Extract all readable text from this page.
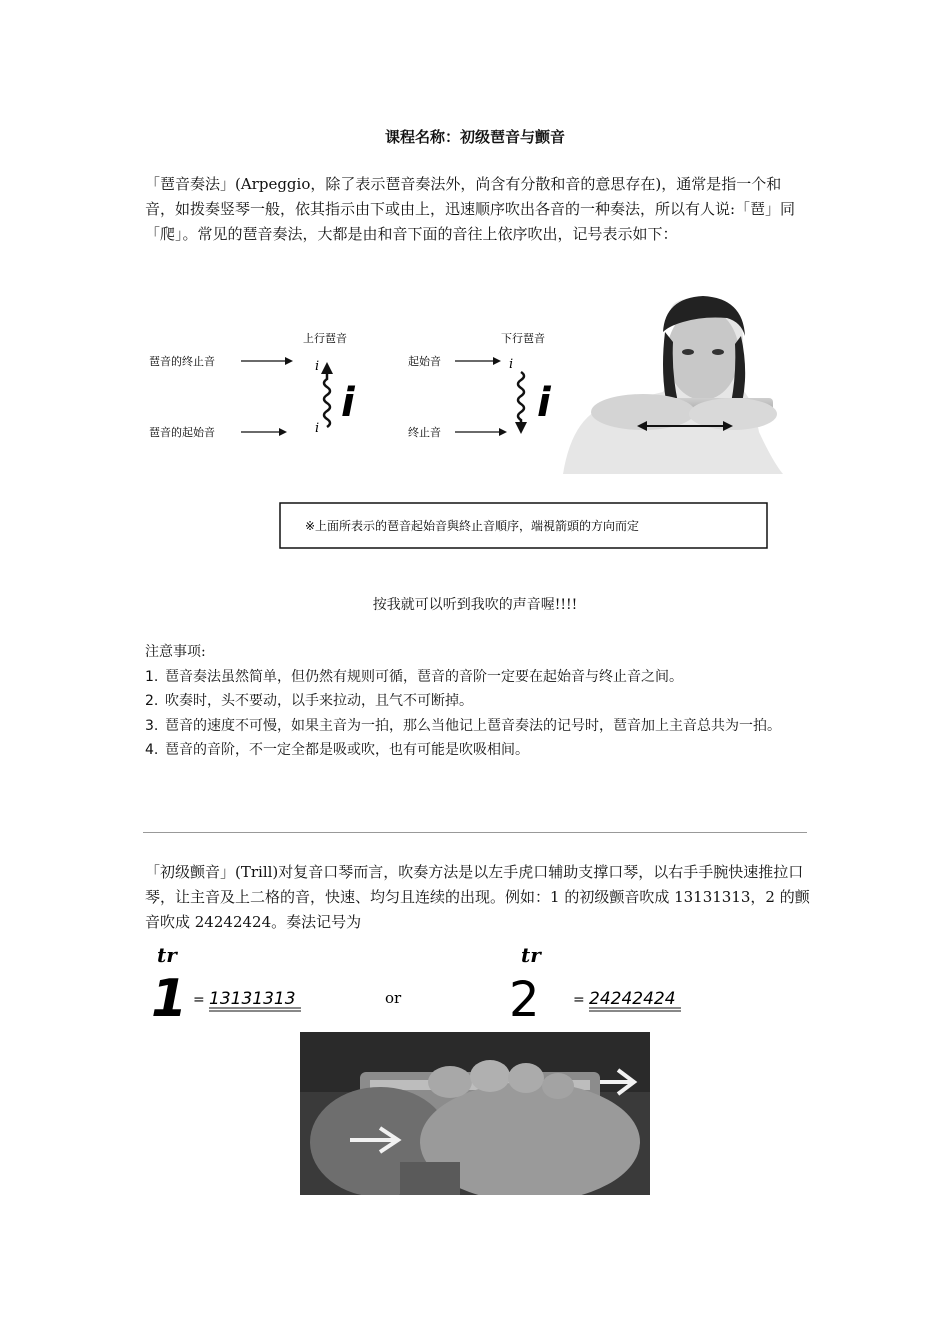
课程名称：初级琶音与颤音
「琶音奏法」(Arpeggio，除了表示琶音奏法外，尚含有分散和音的意思存在)，通常是指一个和音，如拨奏竖琴一般，依其指示由下或由上，迅速顺序吹出各音的一种奏法，所以有人说:「琶」同「爬」。常见的琶音奏法，大都是由和音下面的音往上依序吹出，记号表示如下：
上行琶音
琶音的终止音
琶音的起始音
i
i
i
下行琶音
起始音
终止音
i
i
※上面所表示的琶音起始音與終止音順序，端視箭頭的方向而定
按我就可以听到我吹的声音喔!!!!
注意事项:
1. 琶音奏法虽然简单，但仍然有规则可循，琶音的音阶一定要在起始音与终止音之间。
2. 吹奏时，头不要动，以手来拉动，且气不可断掉。
3. 琶音的速度不可慢，如果主音为一拍，那么当他记上琶音奏法的记号时，琶音加上主音总共为一拍。
4. 琶音的音阶，不一定全都是吸或吹，也有可能是吹吸相间。
「初级颤音」(Trill)对复音口琴而言，吹奏方法是以左手虎口辅助支撑口琴，以右手手腕快速推拉口琴，让主音及上二格的音，快速、均匀且连续的出现。例如：1 的初级颤音吹成 13131313，2 的颤音吹成 24242424。奏法记号为
tr
1 = 13131313	or
tr
2 = 24242424
